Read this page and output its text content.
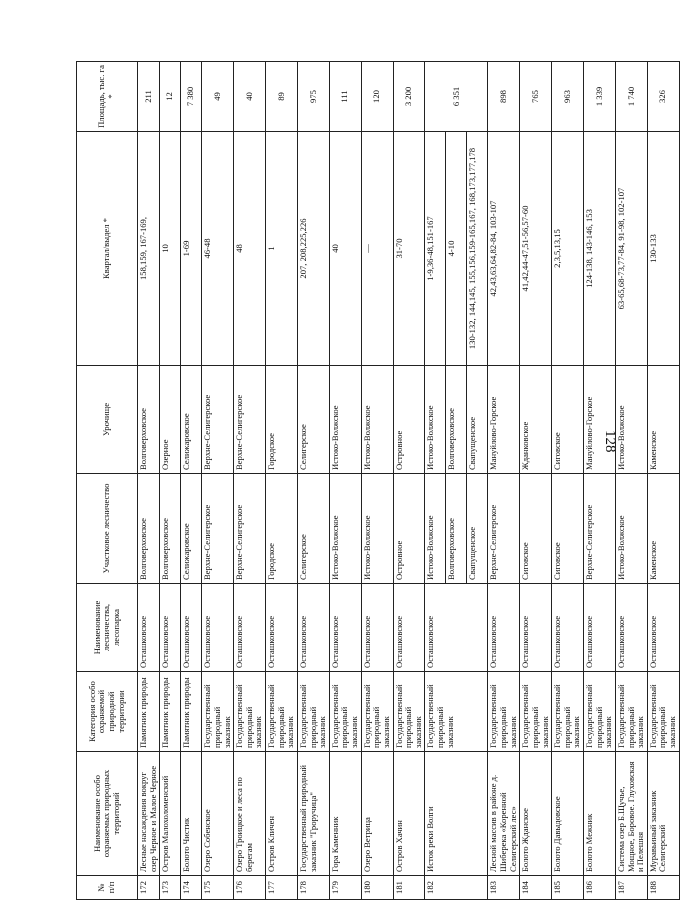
128
№ п/п	Наименование особо охраняемых природных территорий	Категория особо охраняемой природной территории	Наименование лесничества, лесопарка	Участковое лесничество	Урочище	Квартал/выдел *	Площадь, тыс. га *
172	Лесные насаждения вокруг озер Черное и Малое Черное	Памятник природы	Осташковское	Волговерховское	Волговерховское	158,159, 167-169,	211
173	Остров Малохоломенский	Памятник природы	Осташковское	Волговерховское	Озерное	10	12
174	Болото Чистик	Памятник природы	Осташковское	Селижаровское	Селижаровское	1-69	7 380
175	Озеро Собенское	Государственный природный заказник	Осташковское	Верхне-Селигерское	Верхне-Селигерское	46-48	49
176	Озеро Троицкое и леса по берегам	Государственный природный заказник	Осташковское	Верхне-Селигерское	Верхне-Селигерское	48	40
177	Остров Кличен	Государственный природный заказник	Осташковское	Городское	Городское	1	89
178	Государственный природный заказник "Гроручица"	Государственный природный заказник	Осташковское	Селигерское	Селигерское	207, 208,225,226	975
179	Гора Каменник	Государственный природный заказник	Осташковское	Истоко-Волжское	Истоко-Волжское	40	111
180	Озеро Ветрица	Государственный природный заказник	Осташковское	Истоко-Волжское	Истоко-Волжское	—	120
181	Остров Хачин	Государственный природный заказник	Осташковское	Островное	Островное	31-70	3 200
182	Исток реки Волги	Государственный природный заказник	Осташковское	Истоко-Волжское	Истоко-Волжское	1-9,36-48,151-167	6 351
				Волговерховское	Волговерховское	4-10	
				Свапущенское	Свапущенское	130-132, 144,145, 155,156,159-165,167, 168,173,177,178	
183	Лесной массив в районе д. Шиберека «Коренной Селигерский лес»	Государственный природный заказник	Осташковское	Верхне-Селигерское	Мануйлово-Горское	42,43,63,64,82-84, 103-107	898
184	Болото Жданское	Государственный природный заказник	Осташковское	Сиговское	Жданковское	41,42,44-47,51-56,57-60	765
185	Болото Давыдовское	Государственный природный заказник	Осташковское	Сиговское	Сиговское	2,3,5,13,15	963
186	Болото Межник	Государственный природный заказник	Осташковское	Верхне-Селигерское	Мануйлово-Горское	124-138, 143-146, 153	1 339
187	Система озер Б.Щучье, Мощное, Боровое. Глуховская и Пелешня	Государственный природный заказник	Осташковское	Истоко-Волжское	Истоко-Волжское	63-65,68-73,77-84, 91-98, 102-107	1 740
188	Муравьиный заказник Селигерский	Государственный природный заказник	Осташковское	Каменское	Каменское	130-133	326
